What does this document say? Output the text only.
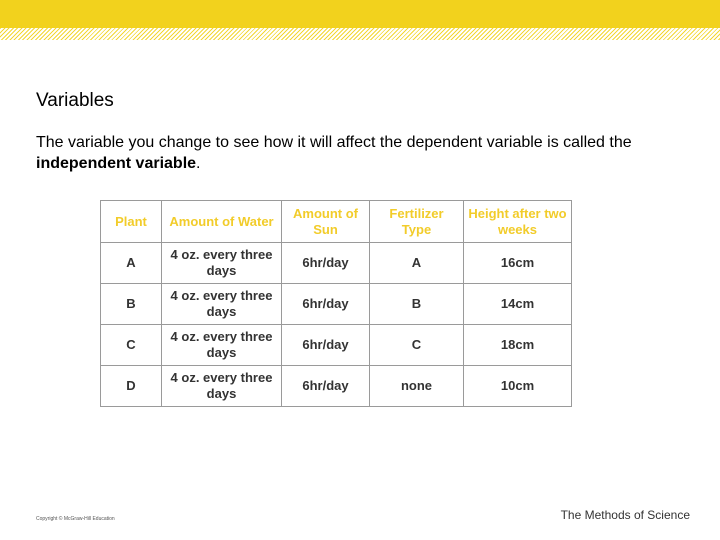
Variables

The variable you change to see how it will affect the dependent variable is called the independent variable.

Plant	Amount of Water	Amount of Sun	Fertilizer Type	Height after two weeks
A	4 oz. every three days	6hr/day	A	16cm
B	4 oz. every three days	6hr/day	B	14cm
C	4 oz. every three days	6hr/day	C	18cm
D	4 oz. every three days	6hr/day	none	10cm
Copyright © McGraw-Hill Education	The Methods of Science
